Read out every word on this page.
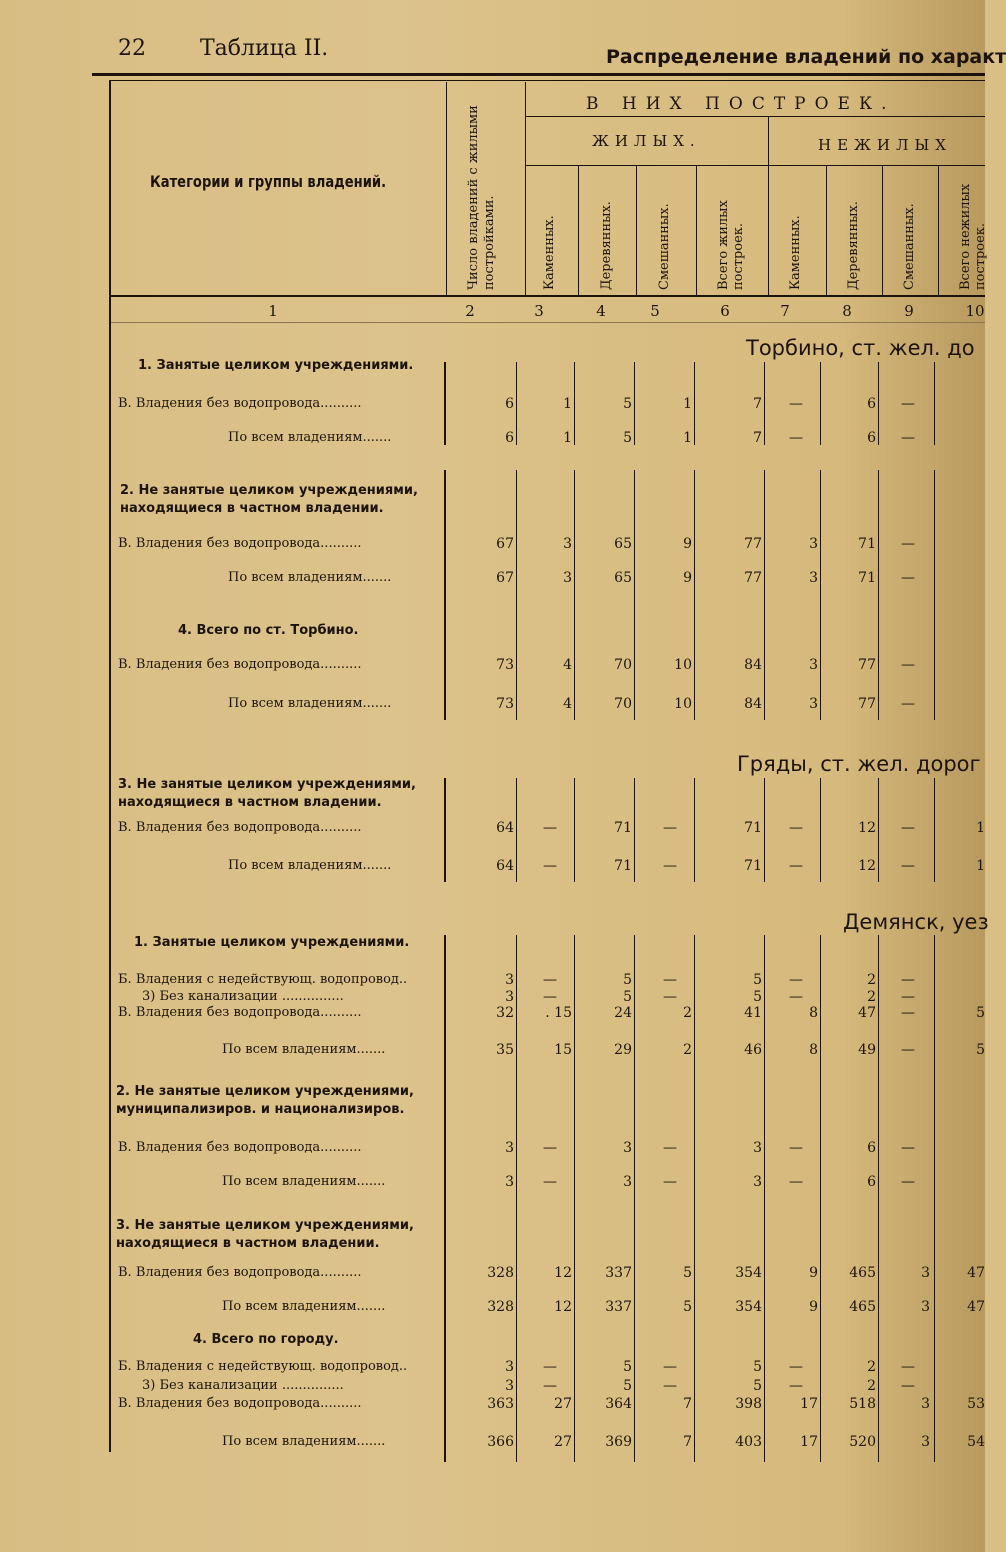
22 Таблица II.	Распределение владений по характ
Категории и группы владений.	Число владений с жилыми постройками.
В НИХ ПОСТРОЕК.
ЖИЛЫХ.	НЕЖИЛЫХ
Каменных.	Деревянных.	Смешанных.	Всего жилых построек.	Каменных.	Деревянных.	Смешанных.	Всего нежилых построек.
1	2	3	4	5	6	7	8	9	10
Торбино, ст. жел. до
Гряды, ст. жел. дорог
Демянск, уез
1. Занятые целиком учреждениями.
2. Не занятые целиком учреждениями, находящиеся в частном владении.
4. Всего по ст. Торбино.
3. Не занятые целиком учреждениями, находящиеся в частном владении.
1. Занятые целиком учреждениями.
2. Не занятые целиком учреждениями, муниципализиров. и национализиров.
3. Не занятые целиком учреждениями, находящиеся в частном владении.
4. Всего по городу.
В. Владения без водопровода..........	6	1	5	1	7	—	6	—
По всем владениям.......	6	1	5	1	7	—	6	—
В. Владения без водопровода..........	67	3	65	9	77	3	71	—
По всем владениям.......	67	3	65	9	77	3	71	—
В. Владения без водопровода..........	73	4	70	10	84	3	77	—
По всем владениям.......	73	4	70	10	84	3	77	—
В. Владения без водопровода..........	64	—	71	—	71	—	12	—	1
По всем владениям.......	64	—	71	—	71	—	12	—	1
Б. Владения с недействующ. водопровод..	3	—	5	—	5	—	2	—
3) Без канализации ...............	3	—	5	—	5	—	2	—
В. Владения без водопровода..........	32	. 15	24	2	41	8	47	—	5
По всем владениям.......	35	15	29	2	46	8	49	—	5
В. Владения без водопровода..........	3	—	3	—	3	—	6	—
По всем владениям.......	3	—	3	—	3	—	6	—
В. Владения без водопровода..........	328	12	337	5	354	9	465	3	47
По всем владениям.......	328	12	337	5	354	9	465	3	47
Б. Владения с недействующ. водопровод..	3	—	5	—	5	—	2	—
3) Без канализации ...............	3	—	5	—	5	—	2	—
В. Владения без водопровода..........	363	27	364	7	398	17	518	3	53
По всем владениям.......	366	27	369	7	403	17	520	3	54
